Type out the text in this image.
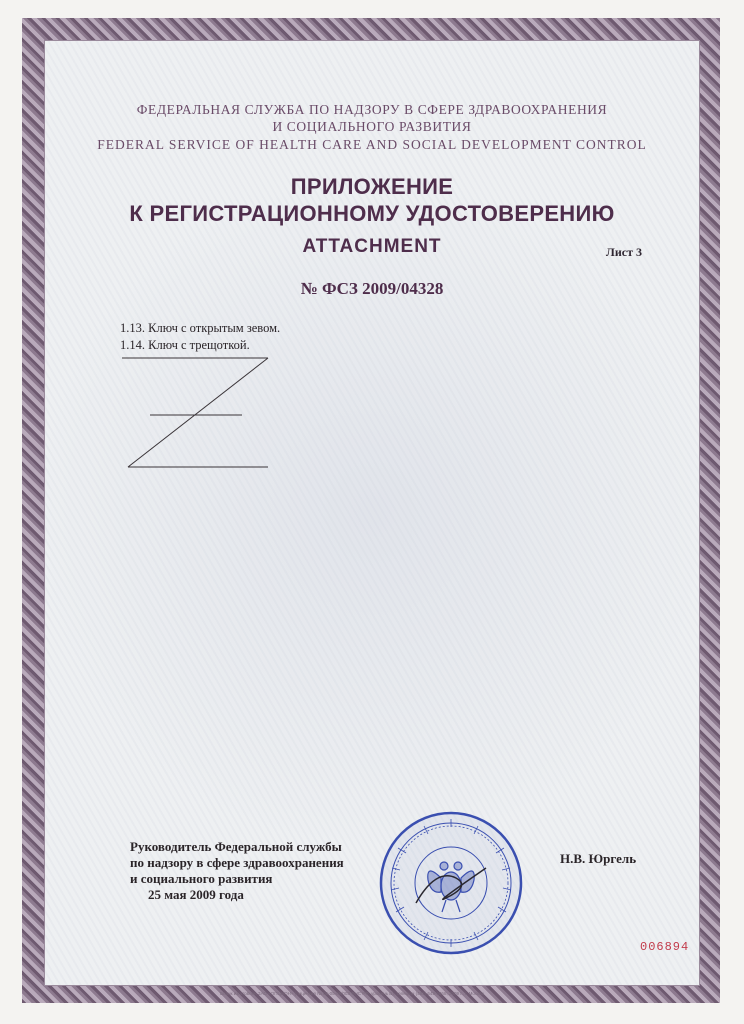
ФЕДЕРАЛЬНАЯ СЛУЖБА ПО НАДЗОРУ В СФЕРЕ ЗДРАВООХРАНЕНИЯ
И СОЦИАЛЬНОГО РАЗВИТИЯ
FEDERAL SERVICE OF HEALTH CARE AND SOCIAL DEVELOPMENT CONTROL
ПРИЛОЖЕНИЕ
К РЕГИСТРАЦИОННОМУ УДОСТОВЕРЕНИЮ
ATTACHMENT	Лист 3
№ ФСЗ 2009/04328
1.13. Ключ с открытым зевом.
1.14. Ключ с трещоткой.
Руководитель Федеральной службы
по надзору в сфере здравоохранения
и социального развития
25 мая 2009 года
Н.В. Юргель
006894
Бланк изготовлен ЗАО «ОПЦИОН» (лицензия № 05-05-09/003 ФНС РФ, уровень Б), телефон (495) 649-6868, 2009 г., г. Москва
